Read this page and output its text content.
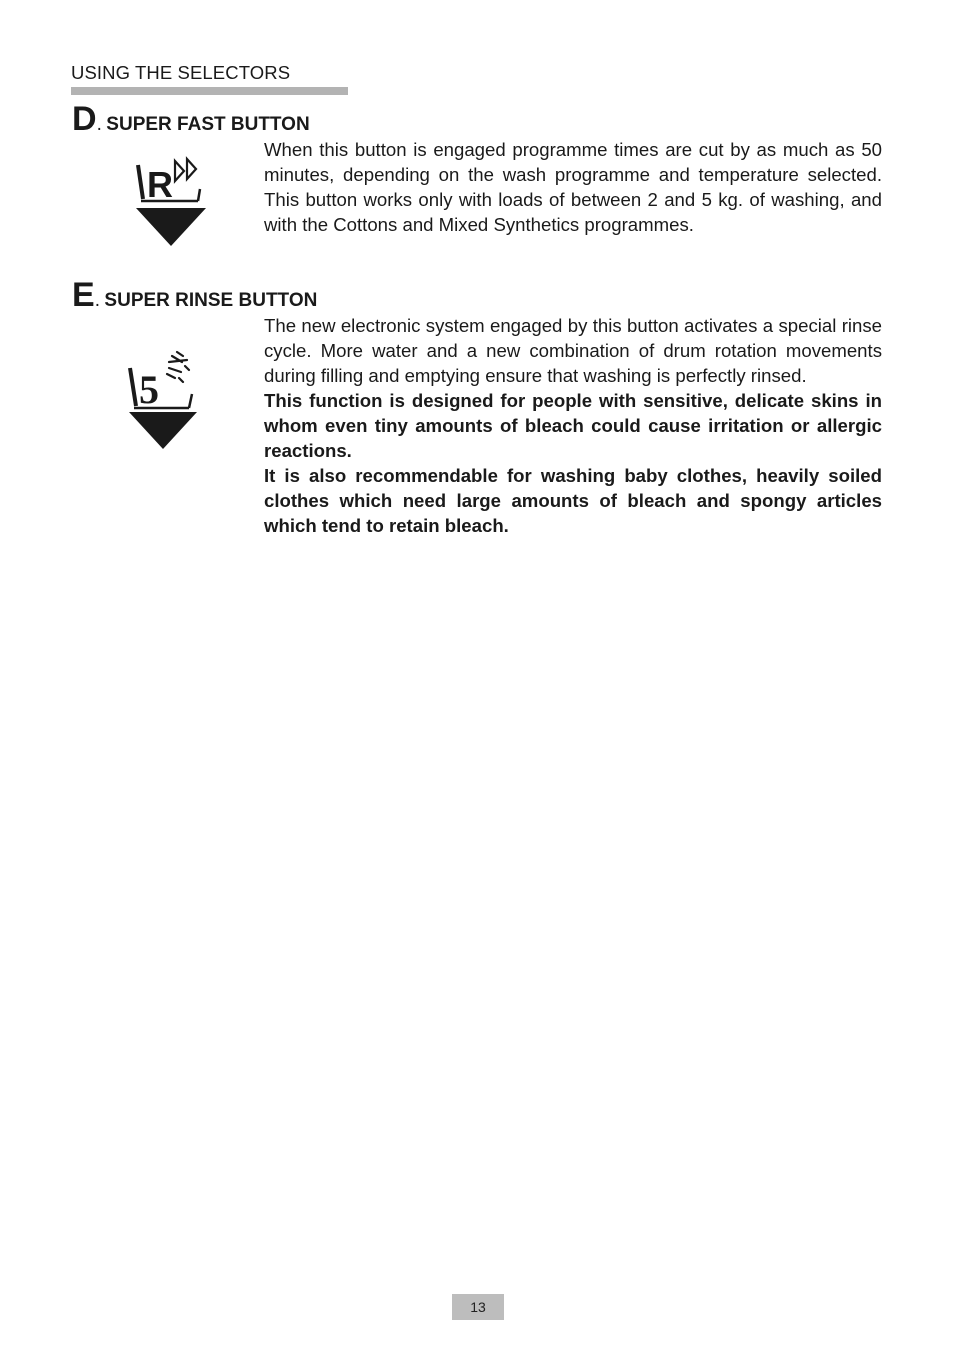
USING THE SELECTORS
D. SUPER FAST BUTTON
R

When this button is engaged programme times are cut by as much as 50 minutes, depending on the wash programme and temperature selected. This button works only with loads of between 2 and 5 kg. of washing, and with the Cottons and Mixed Synthetics programmes.

E. SUPER RINSE BUTTON
5

The new electronic system engaged by this button activates a special rinse cycle. More water and a new combination of drum rotation movements during filling and emptying ensure that washing is perfectly rinsed.

This function is designed for people with sensitive, delicate skins in whom even tiny amounts of bleach could cause irritation or allergic reactions.

It is also recommendable for washing baby clothes, heavily soiled clothes which need large amounts of bleach and spongy articles which tend to retain bleach.

13
